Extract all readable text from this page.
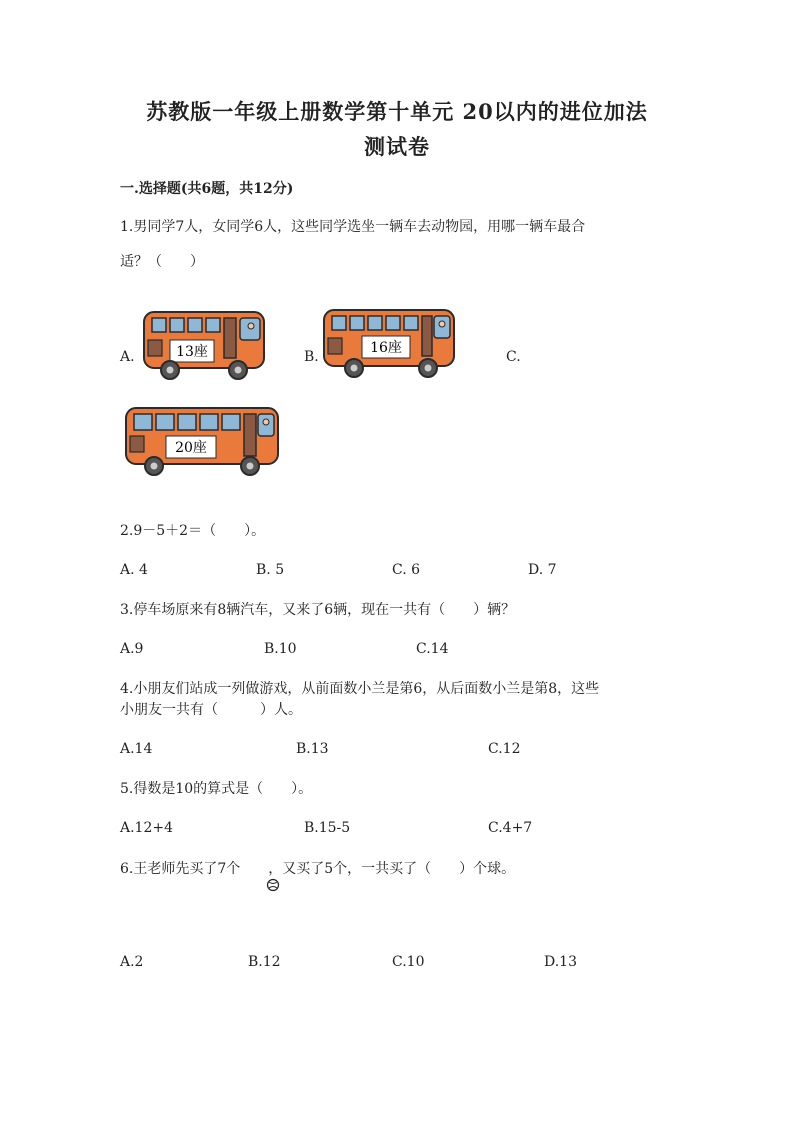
苏教版一年级上册数学第十单元 20以内的进位加法
测试卷
一.选择题(共6题，共12分)
1.男同学7人，女同学6人，这些同学选坐一辆车去动物园，用哪一辆车最合
适？（　　）
A.	B.	C.
13座	16座
20座
2.9－5＋2＝（　　）。
A. 4	B. 5	C. 6	D. 7
3.停车场原来有8辆汽车，又来了6辆，现在一共有（　　）辆？
A.9	B.10	C.14
4.小朋友们站成一列做游戏，从前面数小兰是第6，从后面数小兰是第8，这些
小朋友一共有（　　　）人。
A.14	B.13	C.12
5.得数是10的算式是（　　）。
A.12+4	B.15-5	C.4+7
6.王老师先买了7个　　，又买了5个，一共买了（　　）个球。
A.2	B.12	C.10	D.13
